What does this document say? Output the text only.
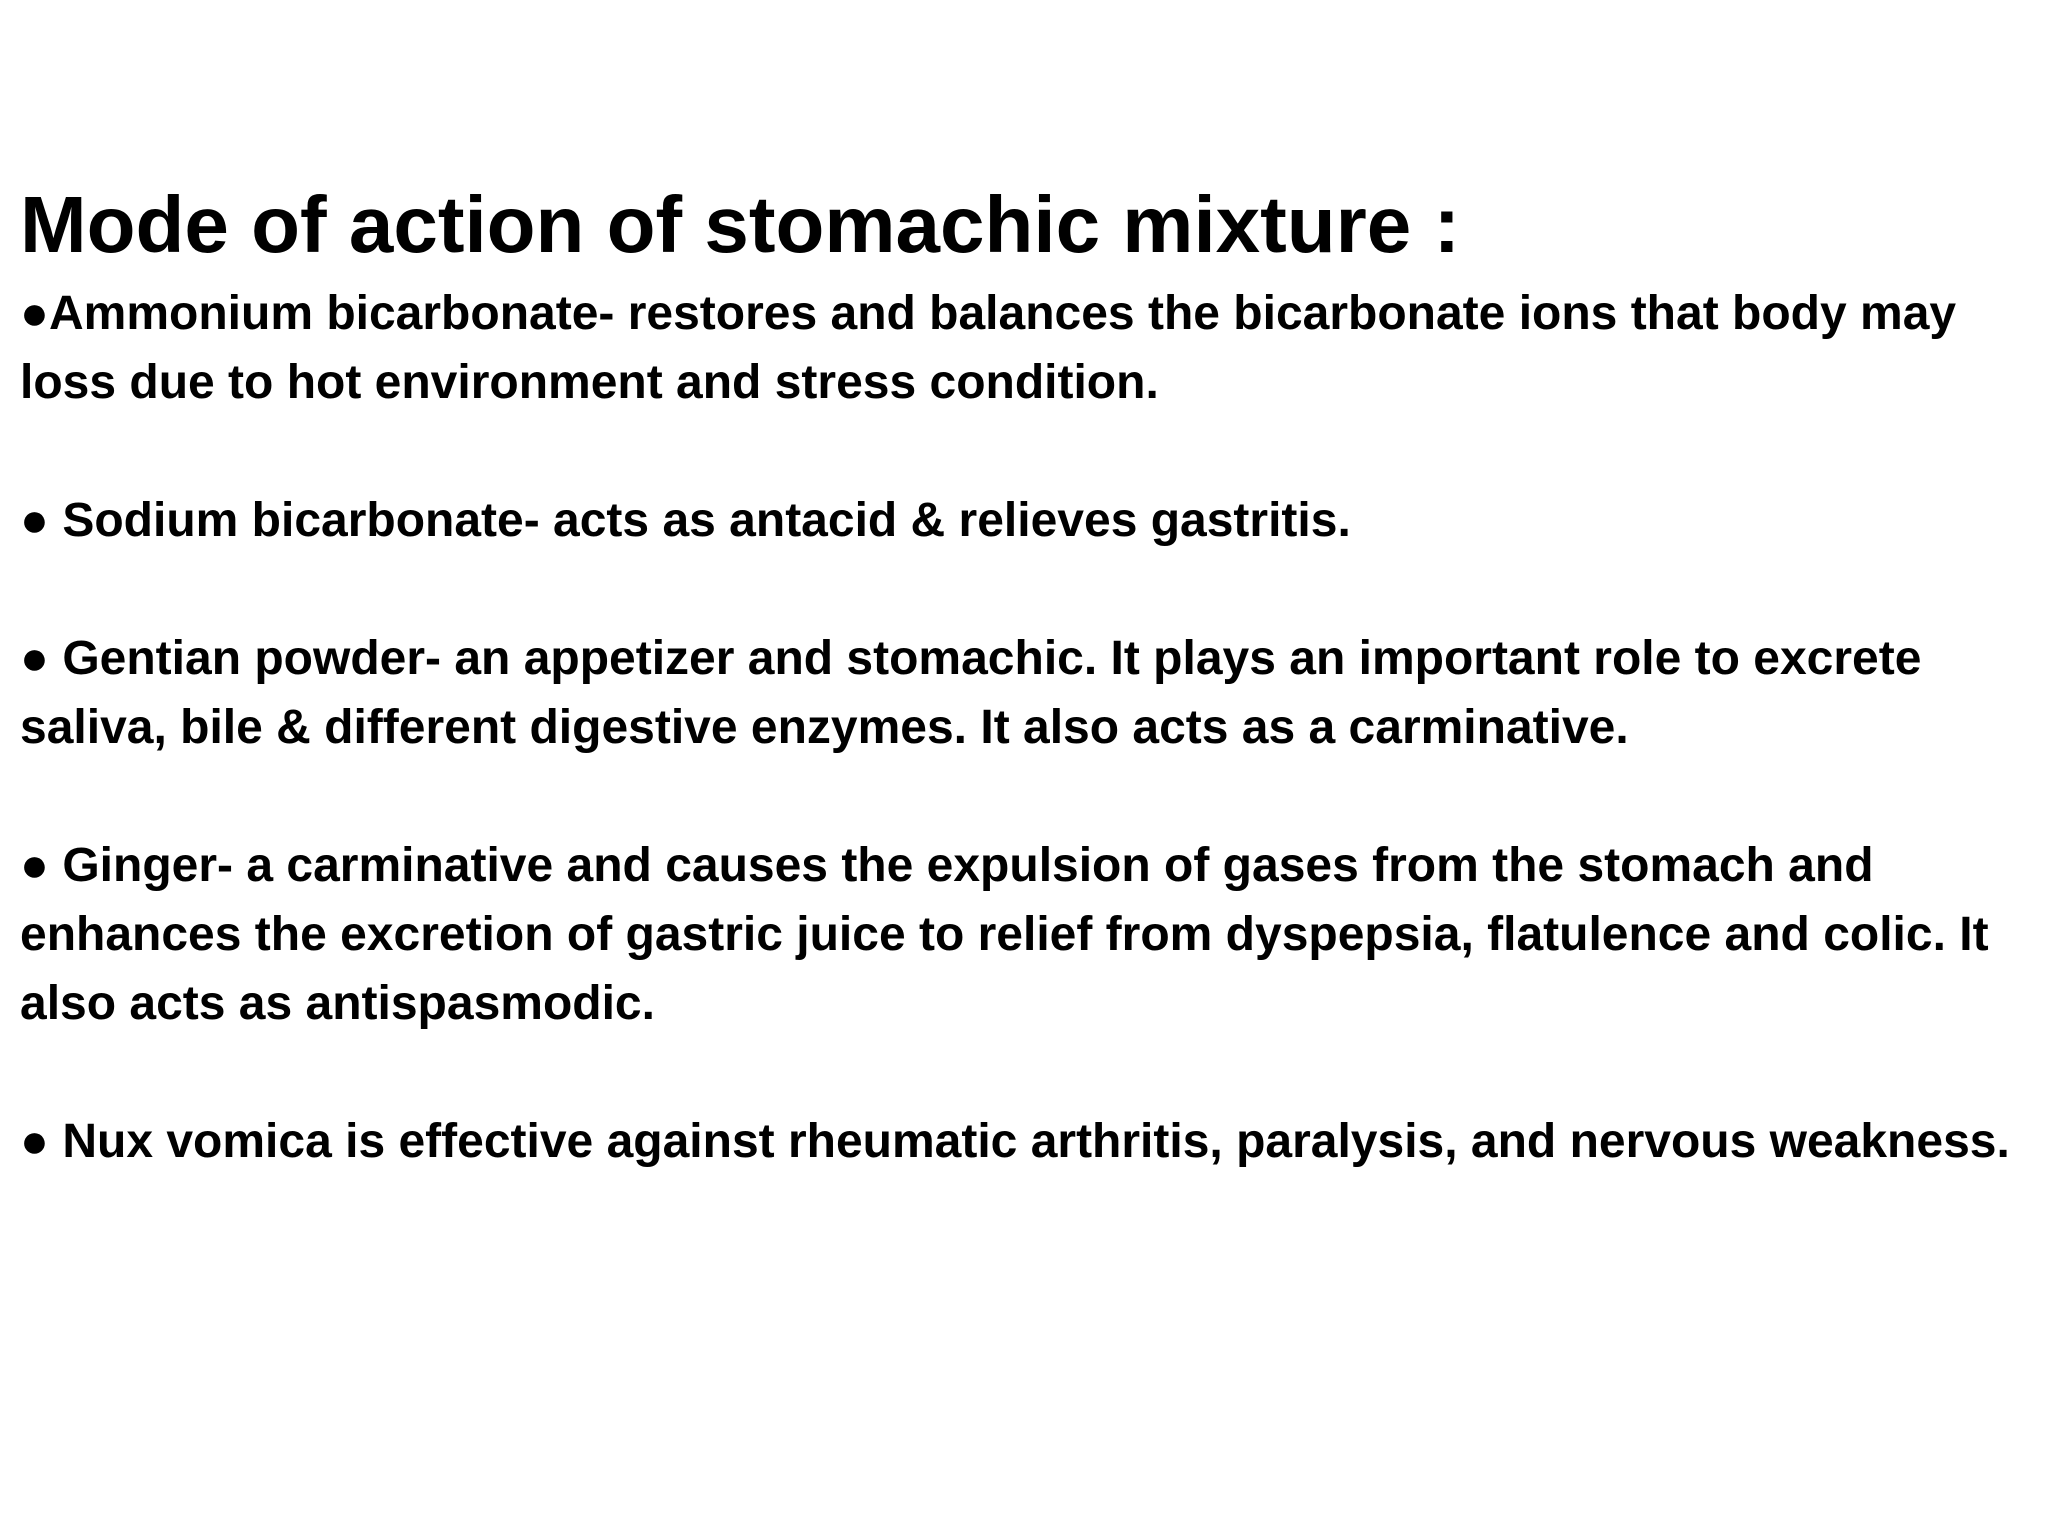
Mode of action of stomachic mixture :
●Ammonium bicarbonate- restores and balances the bicarbonate ions that body may loss due to hot environment and stress condition.
● Sodium bicarbonate- acts as antacid & relieves gastritis.
● Gentian powder- an appetizer and stomachic. It plays an important role to excrete saliva, bile & different digestive enzymes. It also acts as a carminative.
● Ginger- a carminative and causes the expulsion of gases from the stomach and enhances the excretion of gastric juice to relief from dyspepsia, flatulence and colic. It also acts as antispasmodic.
● Nux vomica is effective against rheumatic arthritis, paralysis, and nervous weakness.
